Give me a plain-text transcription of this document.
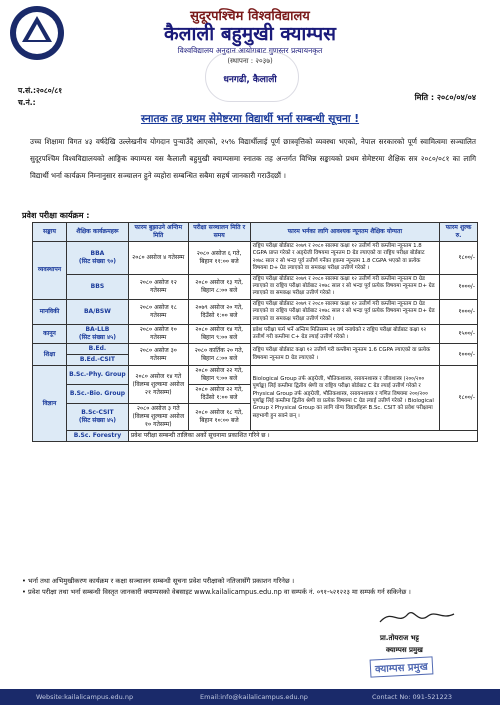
सुदूरपश्चिम विश्वविद्यालय
कैलाली बहुमुखी क्याम्पस
विश्वविद्यालय अनुदान आयोगबाट गुणस्तर प्रत्यायनकृत
(स्थापना : २०३७)
धनगढी, कैलाली
प.सं.:२०८०/८१
च.नं.:
मिति : २०८०/०४/०४
स्नातक तह प्रथम सेमेष्टरमा विद्यार्थी भर्ना सम्बन्धी सूचना !
उच्च शिक्षामा विगत ४३ वर्षदेखि उल्लेखनीय योगदान पुऱ्याउँदै आएको, २५% विद्यार्थीलाई पूर्ण छात्रवृत्तिको व्यवस्था भएको, नेपाल सरकारको पूर्ण स्वामित्वमा सञ्चालित सुदूरपश्चिम विश्वविद्यालयको आङ्गिक क्याम्पस यस कैलाली बहुमुखी क्याम्पसमा स्नातक तह अन्तर्गत विभिन्न सङ्कायको प्रथम सेमेष्टरमा शैक्षिक सत्र २०८०/०८१ का लागि विद्यार्थी भर्ना कार्यक्रम निम्नानुसार सञ्चालन हुने व्यहोरा सम्बन्धित सबैमा सहर्ष जानकारी गराउँदछौं ।
प्रवेश परीक्षा कार्यक्रम :
सङ्काय	शैक्षिक कार्यक्रमहरू	फारम बुझाउने अन्तिम मिति	परीक्षा सञ्चालन मिति र समय	फारम भर्नका लागि आवश्यक न्यूनतम शैक्षिक योग्यता	फारम शुल्क रु.
व्यवस्थापन	BBA
(सिट संख्या ९०)	२०८० असोज ४ गतेसम्म	२०८० असोज ६ गते, बिहान ११:०० बजे	राष्ट्रिय परीक्षा बोर्डबाट २०७९ र २०८० सालमा कक्षा १२ उत्तीर्ण गरी कम्तीमा न्यूनतम 1.8 CGPA प्राप्त गरेको र अङ्ग्रेजी विषयमा न्यूनतम D ग्रेड ल्याएको वा राष्ट्रिय परीक्षा बोर्डबाट २०७८ साल र सो भन्दा पूर्व उत्तीर्ण गर्नेका हकमा न्यूनतम 1.8 CGPA भएको वा प्रत्येक विषयमा D+ ग्रेड ल्याएको वा समकक्ष परीक्षा उत्तीर्ण गरेको ।	१८००/-
	BBS	२०८० असोज १२ गतेसम्म	२०८० असोज १३ गते, बिहान ८:०० बजे	राष्ट्रिय परीक्षा बोर्डबाट २०७९ र २०८० सालमा कक्षा १२ उत्तीर्ण गरी कम्तीमा न्यूनतम D ग्रेड ल्याएको वा राष्ट्रिय परीक्षा बोर्डबाट २०७८ साल र सो भन्दा पूर्व प्रत्येक विषयमा न्यूनतम D+ ग्रेड ल्याएको वा समकक्ष परीक्षा उत्तीर्ण गरेको ।	१०००/-
मानविकी	BA/BSW	२०८० असोज १८ गतेसम्म	२०७९ असोज २० गते, दिउँसो १:०० बजे	राष्ट्रिय परीक्षा बोर्डबाट २०७९ र २०८० सालमा कक्षा १२ उत्तीर्ण गरी कम्तीमा न्यूनतम D ग्रेड ल्याएको वा राष्ट्रिय परीक्षा बोर्डबाट २०७८ साल र सो भन्दा पूर्व प्रत्येक विषयमा न्यूनतम D+ ग्रेड ल्याएको वा समकक्ष परीक्षा उत्तीर्ण गरेको ।	१०००/-
कानून	BA-LLB
(सिट संख्या ४५)	२०८० असोज १० गतेसम्म	२०८० असोज १४ गते, बिहान ९:०० बजे	प्रवेश परीक्षा फर्म भर्ने अन्तिम मितिसम्म २१ वर्ष ननाघेको र राष्ट्रिय परीक्षा बोर्डबाट कक्षा १२ उत्तीर्ण गरी कम्तीमा C+ ग्रेड ल्याई उत्तीर्ण गरेको ।	१५००/-
शिक्षा	B.Ed.	२०८० असोज ३० गतेसम्म	२०८० कार्तिक २० गते, बिहान ८:०० बजे	राष्ट्रिय परीक्षा बोर्डबाट कक्षा १२ उत्तीर्ण गरी कम्तीमा न्यूनतम 1.6 CGPA ल्याएको वा प्रत्येक विषयमा न्यूनतम D ग्रेड ल्याएको ।	१०००/-
	B.Ed.-CSIT				
विज्ञान	B.Sc.-Phy. Group	२०८० असोज १४ गते (विलम्ब शुल्कमा असोज २१ गतेसम्म)	२०८० असोज २२ गते, बिहान ९:०० बजे	Biological Group तर्फ अङ्ग्रेजी, भौतिकशास्त्र, रसायनशास्त्र र जीवशास्त्र (२००/२०० पूर्णाङ्क) लिई कम्तीमा द्वितीय श्रेणी वा राष्ट्रिय परीक्षा बोर्डबाट C ग्रेड ल्याई उत्तीर्ण गरेको र Physical Group तर्फ अङ्ग्रेजी, भौतिकशास्त्र, रसायनशास्त्र र गणित विषयमा २००/२०० पूर्णाङ्क लिई कम्तीमा द्वितीय श्रेणी वा प्रत्येक विषयमा C ग्रेड ल्याई उत्तीर्ण गरेको । Biological Group र Physical Group का लागि योग्य विद्यार्थीहरू B.Sc. CSIT को प्रवेश परीक्षामा सहभागी हुन सक्ने छन् ।	१८००/-
	B.Sc.-Bio. Group		२०८० असोज २२ गते, दिउँसो १:०० बजे		
	B.Sc-CSIT
(सिट संख्या ४५)	२०८० असोज ३ गते (विलम्ब शुल्कमा असोज १० गतेसम्म)	२०८० असोज १८ गते, बिहान १०:०० बजे		
	B.Sc. Forestry	प्रवेश परीक्षा सम्बन्धी तालिका अर्को सूचनामा प्रकाशित गरिने छ ।			
• भर्ना तथा अभिमुखीकरण कार्यक्रम र कक्षा सञ्चालन सम्बन्धी सूचना प्रवेश परीक्षाको नतिजासँगै प्रकाशन गरिनेछ ।
• प्रवेश परीक्षा तथा भर्ना सम्बन्धी विस्तृत जानकारी क्याम्पसको वेबसाइट www.kailalicampus.edu.np वा सम्पर्क नं. ०९१-५२१२२३ मा सम्पर्क गर्न सकिनेछ ।
प्रा.तोयराज भट्ट
क्याम्पस प्रमुख
क्याम्पस प्रमुख
Website:kailalicampus.edu.np	Email:info@kailalicampus.edu.np	Contact No: 091-521223
